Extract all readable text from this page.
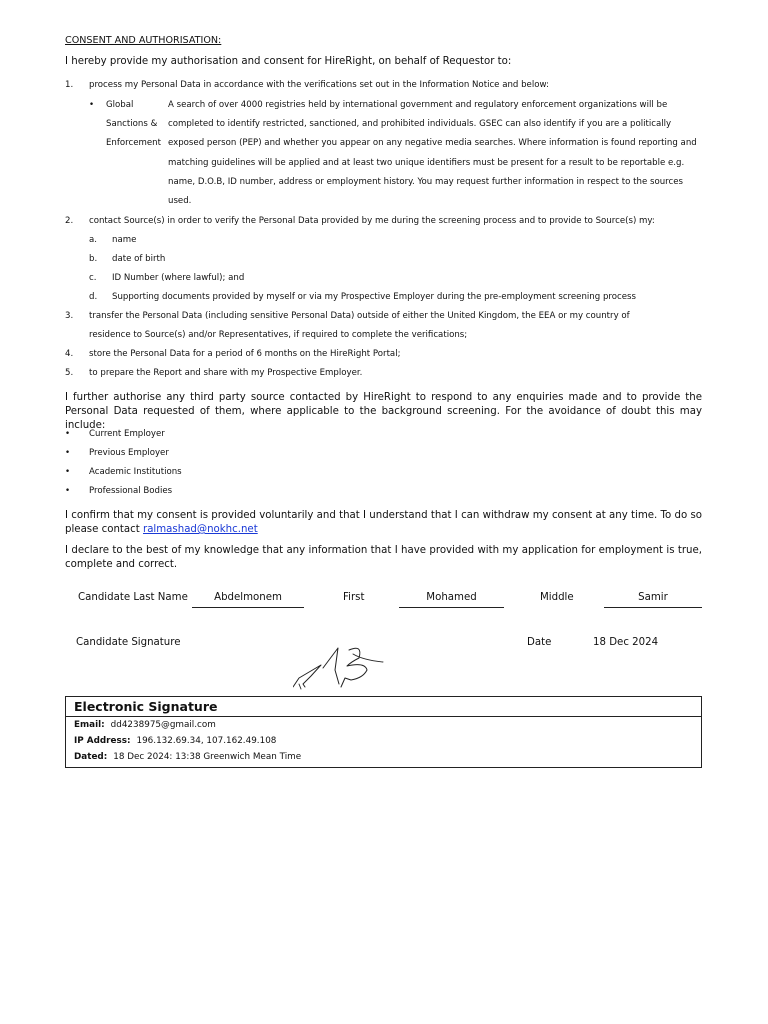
CONSENT AND AUTHORISATION:
I hereby provide my authorisation and consent for HireRight, on behalf of Requestor to:
1. process my Personal Data in accordance with the verifications set out in the Information Notice and below:
• Global Sanctions & Enforcement
A search of over 4000 registries held by international government and regulatory enforcement organizations will be completed to identify restricted, sanctioned, and prohibited individuals. GSEC can also identify if you are a politically exposed person (PEP) and whether you appear on any negative media searches. Where information is found reporting and matching guidelines will be applied and at least two unique identifiers must be present for a result to be reportable e.g. name, D.O.B, ID number, address or employment history. You may request further information in respect to the sources used.
2. contact Source(s) in order to verify the Personal Data provided by me during the screening process and to provide to Source(s) my:
a. name
b. date of birth
c. ID Number (where lawful); and
d. Supporting documents provided by myself or via my Prospective Employer during the pre-employment screening process
3. transfer the Personal Data (including sensitive Personal Data) outside of either the United Kingdom, the EEA or my country of
residence to Source(s) and/or Representatives, if required to complete the verifications;
4. store the Personal Data for a period of 6 months on the HireRight Portal;
5. to prepare the Report and share with my Prospective Employer.
I further authorise any third party source contacted by HireRight to respond to any enquiries made and to provide the Personal Data requested of them, where applicable to the background screening. For the avoidance of doubt this may include:
• Current Employer
• Previous Employer
• Academic Institutions
• Professional Bodies
I confirm that my consent is provided voluntarily and that I understand that I can withdraw my consent at any time. To do so please contact ralmashad@nokhc.net
I declare to the best of my knowledge that any information that I have provided with my application for employment is true, complete and correct.
Candidate Last Name	Abdelmonem	First	Mohamed	Middle	Samir
Candidate Signature	Date	18 Dec 2024
Electronic Signature
Email: dd4238975@gmail.com
IP Address: 196.132.69.34, 107.162.49.108
Dated: 18 Dec 2024: 13:38 Greenwich Mean Time
